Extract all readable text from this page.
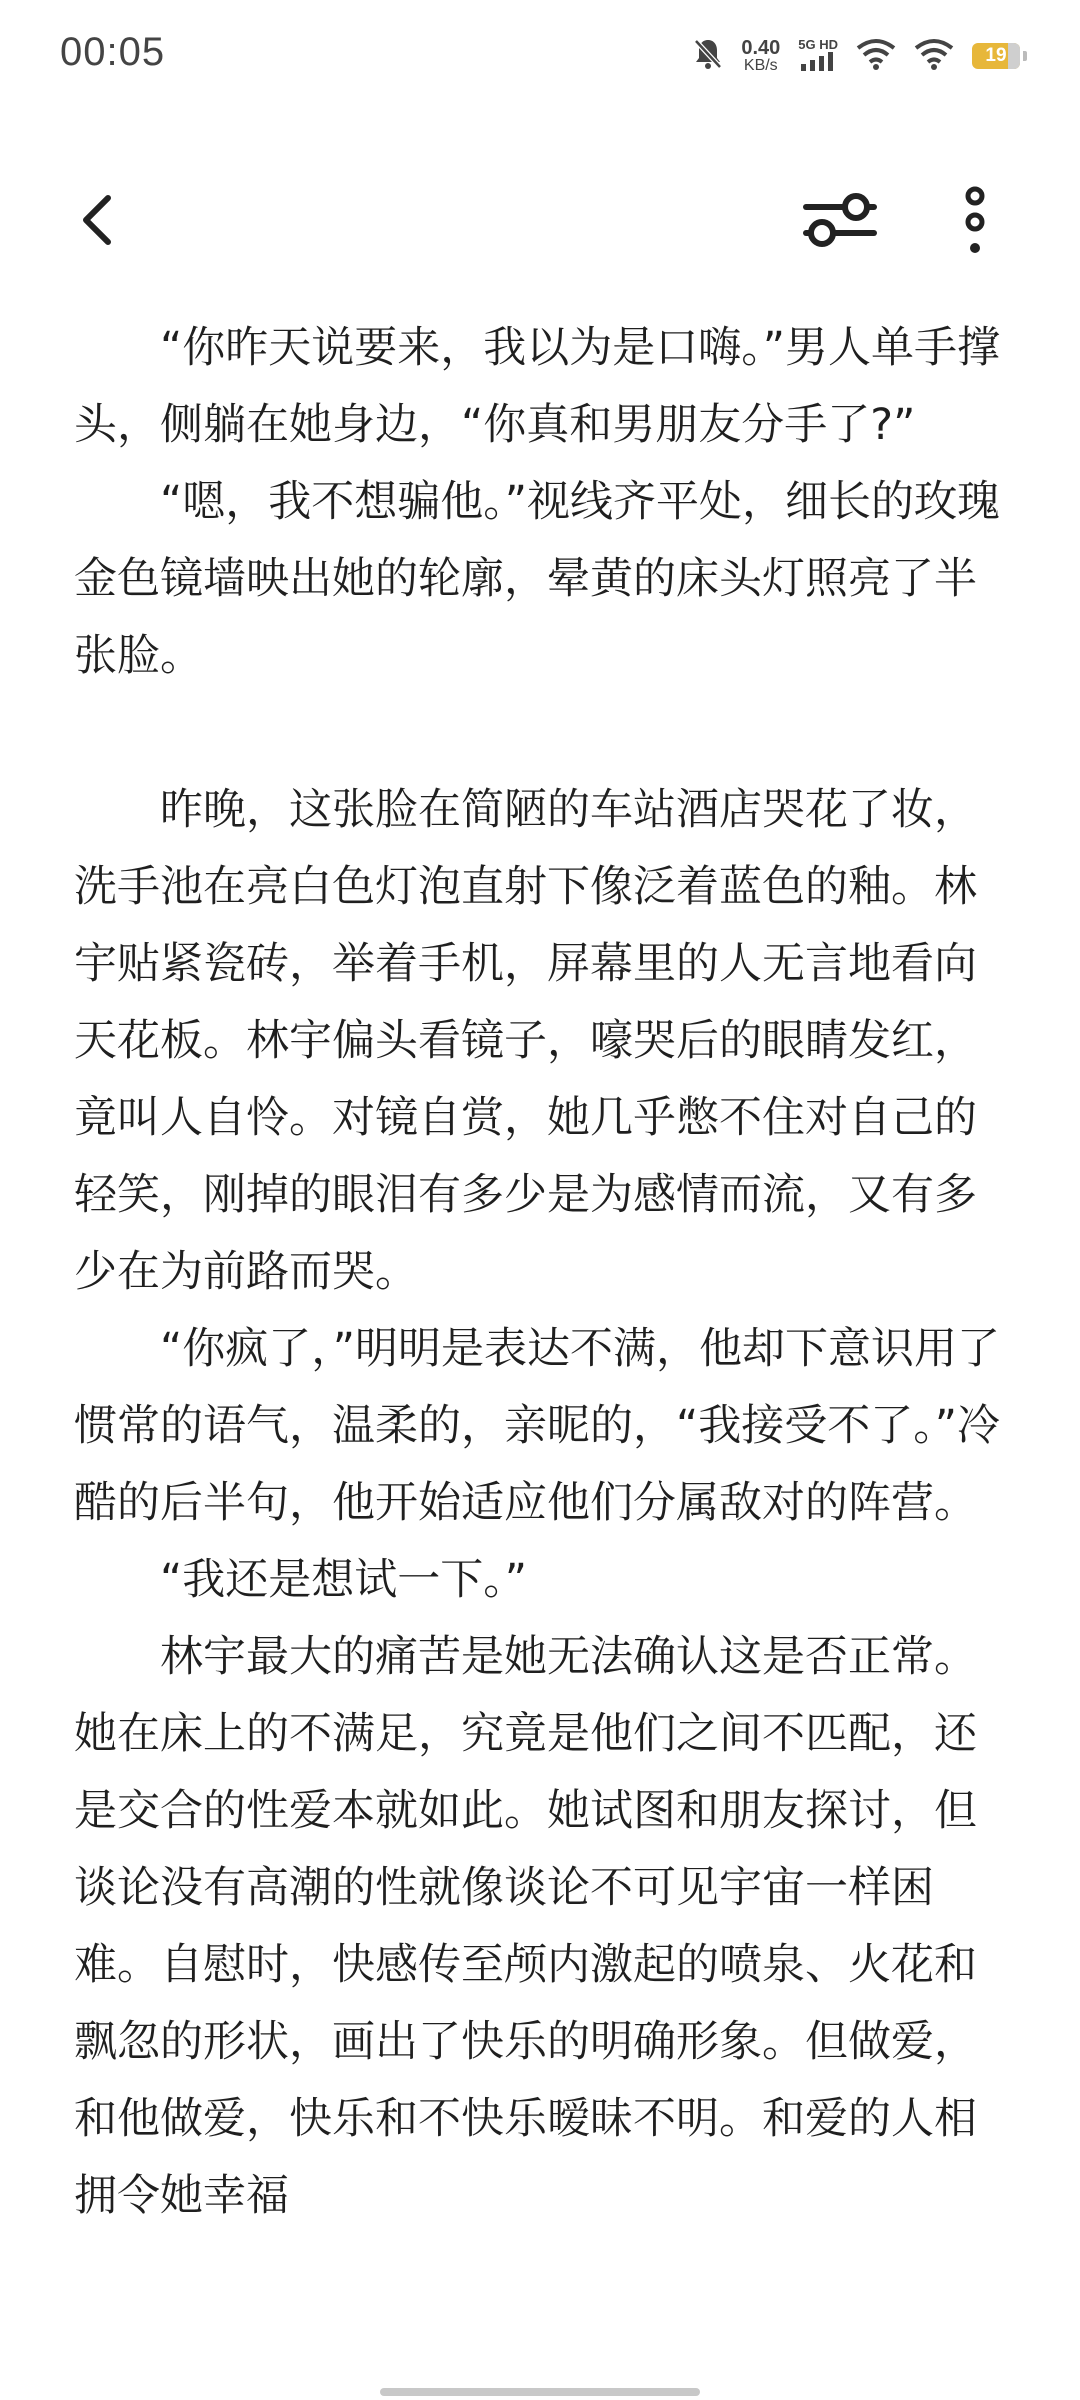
00:05	0.40
KB/s
5G HD
19

“你昨天说要来，我以为是口嗨。”男人单手撑头，侧躺在她身边，“你真和男朋友分手了?”

“嗯，我不想骗他。”视线齐平处，细长的玫瑰金色镜墙映出她的轮廓，晕黄的床头灯照亮了半张脸。

昨晚，这张脸在简陋的车站酒店哭花了妆，洗手池在亮白色灯泡直射下像泛着蓝色的釉。林宇贴紧瓷砖，举着手机，屏幕里的人无言地看向天花板。林宇偏头看镜子，嚎哭后的眼睛发红，竟叫人自怜。对镜自赏，她几乎憋不住对自己的轻笑，刚掉的眼泪有多少是为感情而流，又有多少在为前路而哭。

“你疯了，”明明是表达不满，他却下意识用了惯常的语气，温柔的，亲昵的，“我接受不了。”冷酷的后半句，他开始适应他们分属敌对的阵营。

“我还是想试一下。”

林宇最大的痛苦是她无法确认这是否正常。她在床上的不满足，究竟是他们之间不匹配，还是交合的性爱本就如此。她试图和朋友探讨，但谈论没有高潮的性就像谈论不可见宇宙一样困难。自慰时，快感传至颅内激起的喷泉、火花和飘忽的形状，画出了快乐的明确形象。但做爱，和他做爱，快乐和不快乐暧昧不明。和爱的人相拥令她幸福
